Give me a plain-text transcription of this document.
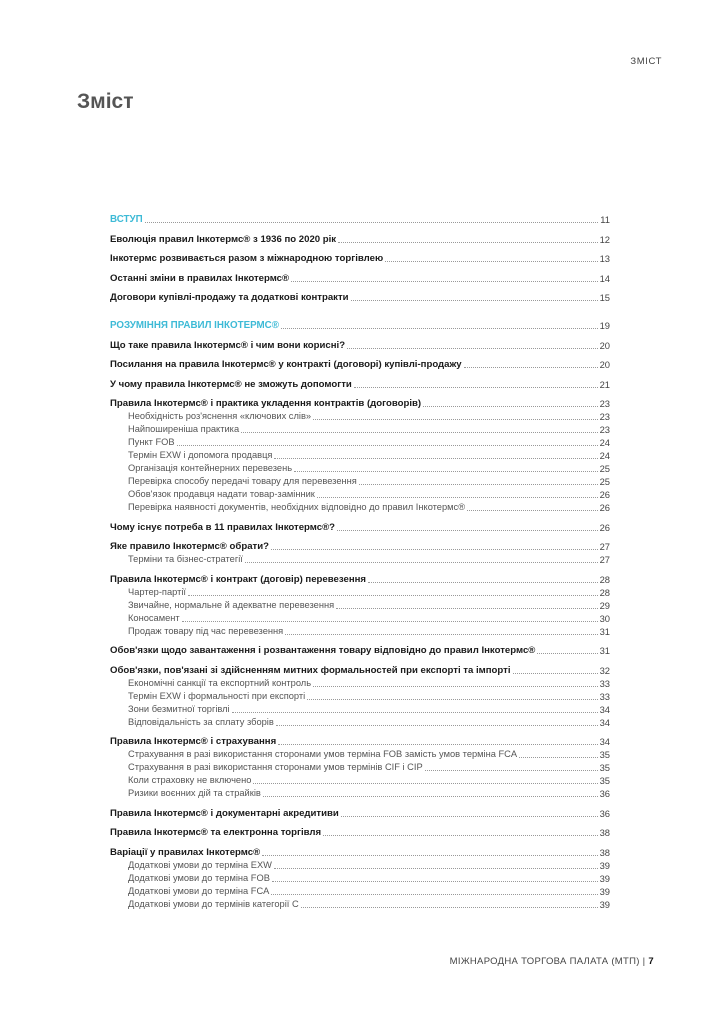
ЗМІСТ
Зміст
ВСТУП	11
Еволюція правил Інкотермс® з 1936 по 2020 рік	12
Інкотермс розвивається разом з міжнародною торгівлею	13
Останні зміни в правилах Інкотермс®	14
Договори купівлі-продажу та додаткові контракти	15
РОЗУМІННЯ ПРАВИЛ ІНКОТЕРМС®	19
Що таке правила Інкотермс® і чим вони корисні?	20
Посилання на правила Інкотермс® у контракті (договорі) купівлі-продажу	20
У чому правила Інкотермс® не зможуть допомогти	21
Правила Інкотермс® і практика укладення контрактів (договорів)	23
Необхідність роз'яснення «ключових слів»	23
Найпоширеніша практика	23
Пункт FOB	24
Термін EXW і допомога продавця	24
Організація контейнерних перевезень	25
Перевірка способу передачі товару для перевезення	25
Обов'язок продавця надати товар-замінник	26
Перевірка наявності документів, необхідних відповідно до правил Інкотермс®	26
Чому існує потреба в 11 правилах Інкотермс®?	26
Яке правило Інкотермс® обрати?	27
Терміни та бізнес-стратегії	27
Правила Інкотермс® і контракт (договір) перевезення	28
Чартер-партії	28
Звичайне, нормальне й адекватне перевезення	29
Коносамент	30
Продаж товару під час перевезення	31
Обов'язки щодо завантаження і розвантаження товару відповідно до правил Інкотермс®	31
Обов'язки, пов'язані зі здійсненням митних формальностей при експорті та імпорті	32
Економічні санкції та експортний контроль	33
Термін EXW і формальності при експорті	33
Зони безмитної торгівлі	34
Відповідальність за сплату зборів	34
Правила Інкотермс® і страхування	34
Страхування в разі використання сторонами умов терміна FOB замість умов терміна FCA	35
Страхування в разі використання сторонами умов термінів CIF і CIP	35
Коли страховку не включено	35
Ризики воєнних дій та страйків	36
Правила Інкотермс® і документарні акредитиви	36
Правила Інкотермс® та електронна торгівля	38
Варіації у правилах Інкотермс®	38
Додаткові умови до терміна EXW	39
Додаткові умови до терміна FOB	39
Додаткові умови до терміна FCA	39
Додаткові умови до термінів категорії C	39
МІЖНАРОДНА ТОРГОВА ПАЛАТА (МТП) | 7
